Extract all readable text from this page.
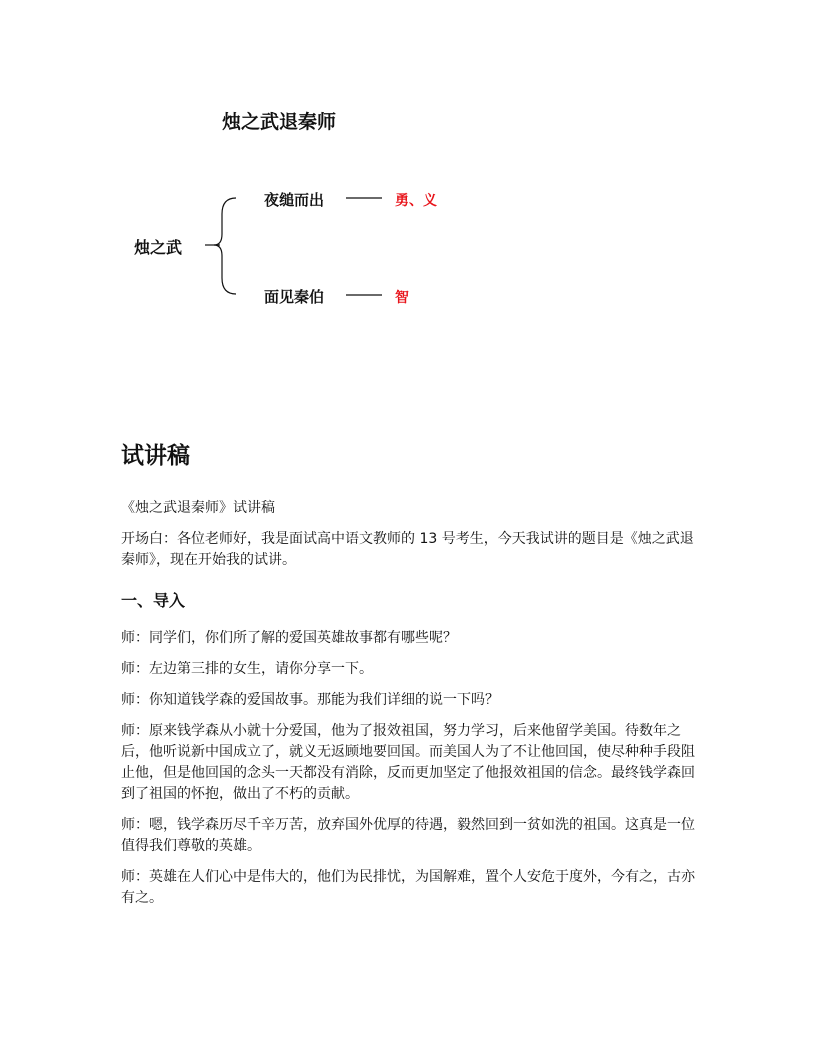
烛之武退秦师
烛之武
夜缒而出	勇、义
面见秦伯	智
试讲稿

《烛之武退秦师》试讲稿

开场白：各位老师好，我是面试高中语文教师的 13 号考生，今天我试讲的题目是《烛之武退秦师》，现在开始我的试讲。

一、导入

师：同学们，你们所了解的爱国英雄故事都有哪些呢？

师：左边第三排的女生，请你分享一下。

师：你知道钱学森的爱国故事。那能为我们详细的说一下吗？

师：原来钱学森从小就十分爱国，他为了报效祖国，努力学习，后来他留学美国。待数年之后，他听说新中国成立了，就义无返顾地要回国。而美国人为了不让他回国，使尽种种手段阻止他，但是他回国的念头一天都没有消除，反而更加坚定了他报效祖国的信念。最终钱学森回到了祖国的怀抱，做出了不朽的贡献。

师：嗯，钱学森历尽千辛万苦，放弃国外优厚的待遇，毅然回到一贫如洗的祖国。这真是一位值得我们尊敬的英雄。

师：英雄在人们心中是伟大的，他们为民排忧，为国解难，置个人安危于度外，今有之，古亦有之。
